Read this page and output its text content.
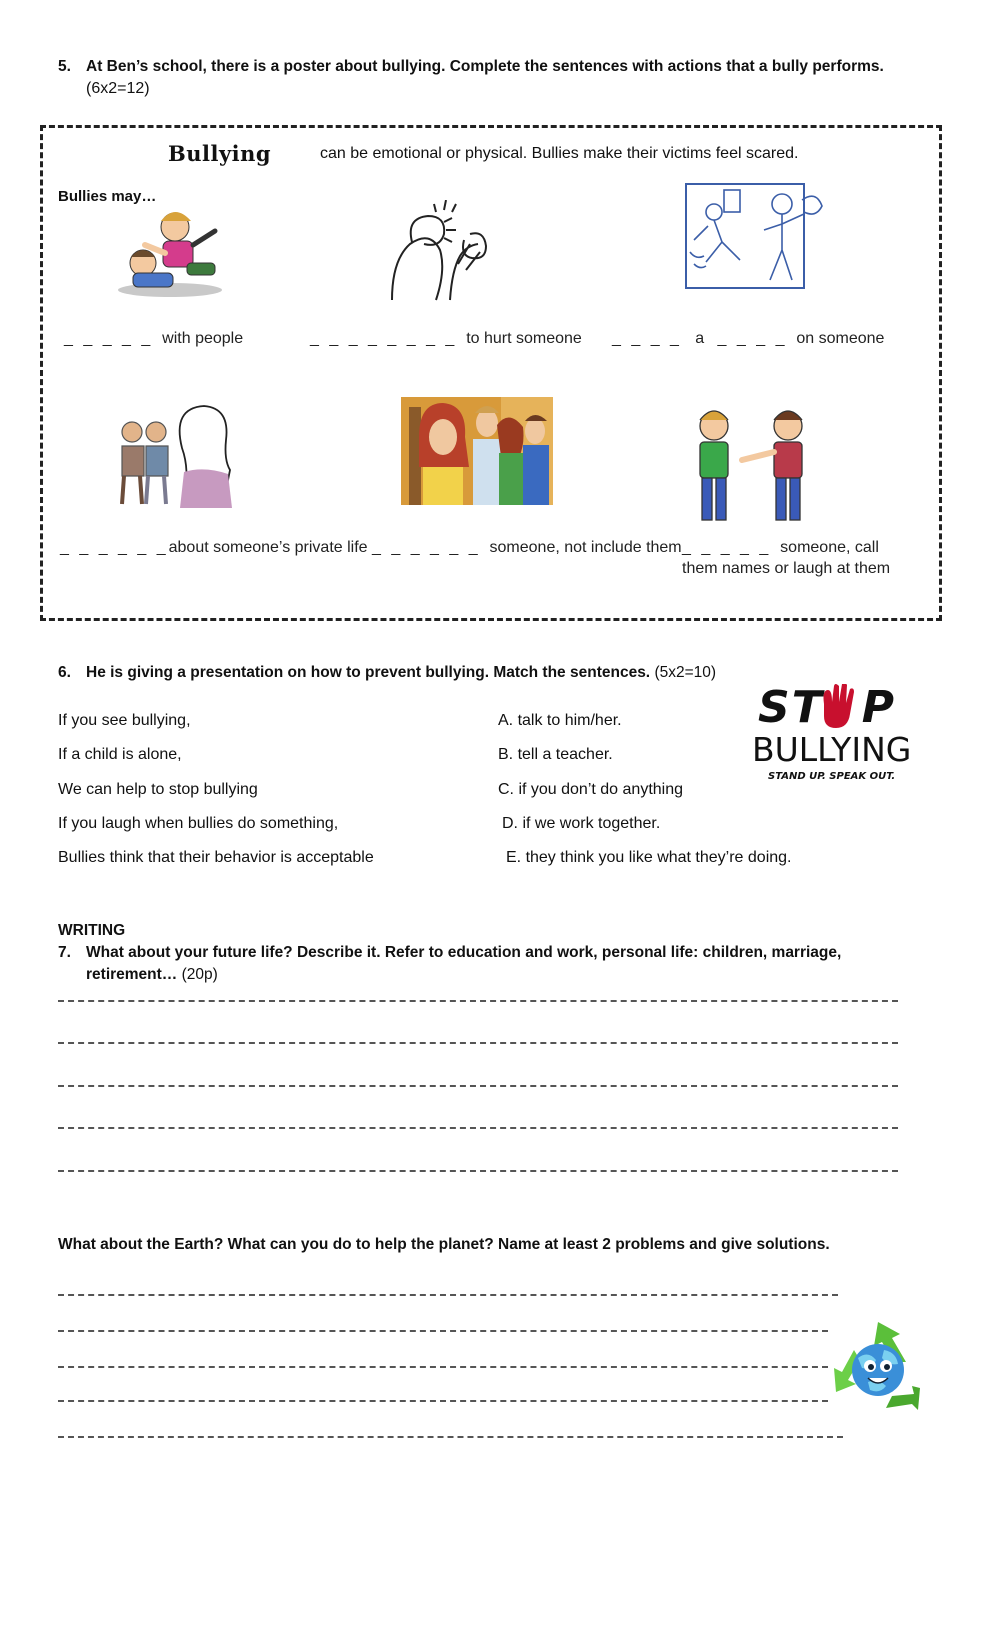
5. At Ben’s school, there is a poster about bullying. Complete the sentences with actions that a bully performs.
(6x2=12)
Bullying	can be emotional or physical. Bullies make their victims feel scared.
Bullies may…
_ _ _ _ _ with people	_ _ _ _ _ _ _ _ to hurt someone _ _ _ _ a _ _ _ _ on someone
_ _ _ _ _ _about someone’s private life _ _ _ _ _ _ someone, not include them _ _ _ _ _ someone, call
them names or laugh at them
6. He is giving a presentation on how to prevent bullying. Match the sentences. (5x2=10)
If you see bullying,
If a child is alone,
We can help to stop bullying
If you laugh when bullies do something,
Bullies think that their behavior is acceptable
A. talk to him/her.
B. tell a teacher.
C. if you don’t do anything
D. if we work together.
E. they think you like what they’re doing.
ST P
BULLYING
STAND UP. SPEAK OUT.
WRITING
7. What about your future life? Describe it. Refer to education and work, personal life: children, marriage,
retirement… (20p)
What about the Earth? What can you do to help the planet? Name at least 2 problems and give solutions.
